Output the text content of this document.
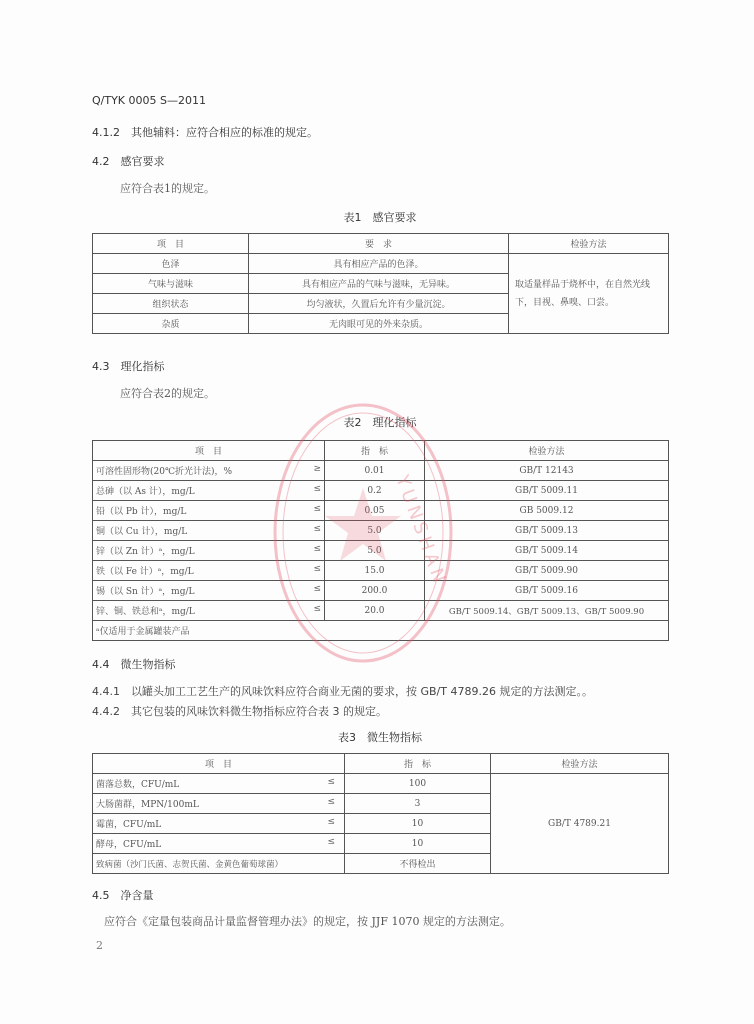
Q/TYK 0005 S—2011
4.1.2　其他辅料：应符合相应的标准的规定。
4.2　感官要求
应符合表1的规定。
表1　感官要求
项　目	要　求	检验方法
色泽	具有相应产品的色泽。	取适量样品于烧杯中，在自然光线下，目视、鼻嗅、口尝。
气味与滋味	具有相应产品的气味与滋味，无异味。	
组织状态	均匀液状，久置后允许有少量沉淀。	
杂质	无肉眼可见的外来杂质。	
4.3　理化指标
应符合表2的规定。
表2　理化指标
项　目	指　标	检验方法
可溶性固形物(20℃折光计法)，% ≥	0.01	GB/T 12143
总砷（以 As 计），mg/L ≤	0.2	GB/T 5009.11
铅（以 Pb 计），mg/L ≤	0.05	GB 5009.12
铜（以 Cu 计），mg/L ≤	5.0	GB/T 5009.13
锌（以 Zn 计）ᵃ，mg/L ≤	5.0	GB/T 5009.14
铁（以 Fe 计）ᵃ，mg/L ≤	15.0	GB/T 5009.90
锡（以 Sn 计）ᵃ，mg/L ≤	200.0	GB/T 5009.16
锌、铜、铁总和ᵃ，mg/L ≤	20.0	GB/T 5009.14、GB/T 5009.13、GB/T 5009.90
ᵃ仅适用于金属罐装产品		
4.4　微生物指标
4.4.1　以罐头加工工艺生产的风味饮料应符合商业无菌的要求，按 GB/T 4789.26 规定的方法测定。。
4.4.2　其它包装的风味饮料微生物指标应符合表 3 的规定。
表3　微生物指标
项　目	指　标	检验方法
菌落总数，CFU/mL ≤	100	GB/T 4789.21
大肠菌群，MPN/100mL ≤	3	
霉菌，CFU/mL ≤	10	
酵母，CFU/mL ≤	10	
致病菌（沙门氏菌、志贺氏菌、金黄色葡萄球菌）	不得检出	
4.5　净含量
应符合《定量包装商品计量监督管理办法》的规定，按 JJF 1070 规定的方法测定。
2
YUNSHAN
